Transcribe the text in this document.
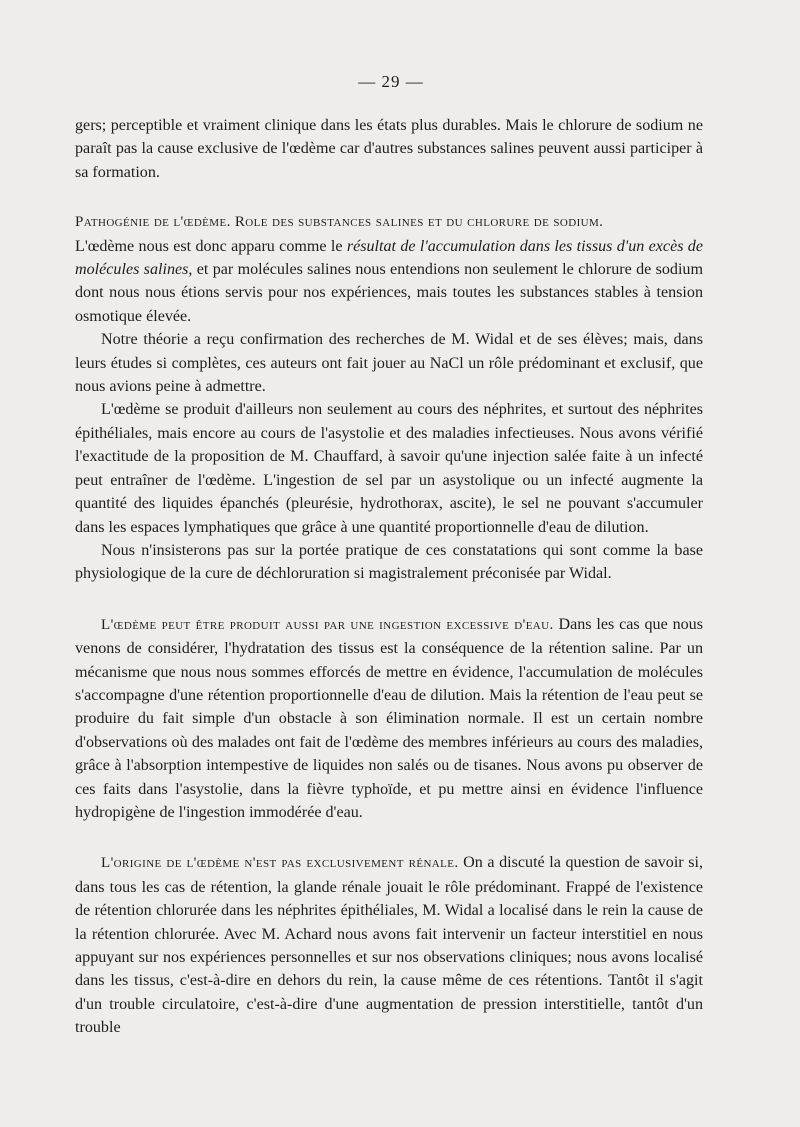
— 29 —

gers; perceptible et vraiment clinique dans les états plus durables. Mais le chlorure de sodium ne paraît pas la cause exclusive de l'œdème car d'autres substances salines peuvent aussi participer à sa formation.

Pathogénie de l'œdème. Role des substances salines et du chlorure de sodium.

L'œdème nous est donc apparu comme le résultat de l'accumulation dans les tissus d'un excès de molécules salines, et par molécules salines nous entendions non seulement le chlorure de sodium dont nous nous étions servis pour nos expériences, mais toutes les substances stables à tension osmotique élevée.

Notre théorie a reçu confirmation des recherches de M. Widal et de ses élèves; mais, dans leurs études si complètes, ces auteurs ont fait jouer au NaCl un rôle prédominant et exclusif, que nous avions peine à admettre.

L'œdème se produit d'ailleurs non seulement au cours des néphrites, et surtout des néphrites épithéliales, mais encore au cours de l'asystolie et des maladies infectieuses. Nous avons vérifié l'exactitude de la proposition de M. Chauffard, à savoir qu'une injection salée faite à un infecté peut entraîner de l'œdème. L'ingestion de sel par un asystolique ou un infecté augmente la quantité des liquides épanchés (pleurésie, hydrothorax, ascite), le sel ne pouvant s'accumuler dans les espaces lymphatiques que grâce à une quantité proportionnelle d'eau de dilution.

Nous n'insisterons pas sur la portée pratique de ces constatations qui sont comme la base physiologique de la cure de déchloruration si magistralement préconisée par Widal.

L'œdème peut être produit aussi par une ingestion excessive d'eau. Dans les cas que nous venons de considérer, l'hydratation des tissus est la conséquence de la rétention saline. Par un mécanisme que nous nous sommes efforcés de mettre en évidence, l'accumulation de molécules s'accompagne d'une rétention proportionnelle d'eau de dilution. Mais la rétention de l'eau peut se produire du fait simple d'un obstacle à son élimination normale. Il est un certain nombre d'observations où des malades ont fait de l'œdème des membres inférieurs au cours des maladies, grâce à l'absorption intempestive de liquides non salés ou de tisanes. Nous avons pu observer de ces faits dans l'asystolie, dans la fièvre typhoïde, et pu mettre ainsi en évidence l'influence hydropigène de l'ingestion immodérée d'eau.

L'origine de l'œdème n'est pas exclusivement rénale. On a discuté la question de savoir si, dans tous les cas de rétention, la glande rénale jouait le rôle prédominant. Frappé de l'existence de rétention chlorurée dans les néphrites épithéliales, M. Widal a localisé dans le rein la cause de la rétention chlorurée. Avec M. Achard nous avons fait intervenir un facteur interstitiel en nous appuyant sur nos expériences personnelles et sur nos observations cliniques; nous avons localisé dans les tissus, c'est-à-dire en dehors du rein, la cause même de ces rétentions. Tantôt il s'agit d'un trouble circulatoire, c'est-à-dire d'une augmentation de pression interstitielle, tantôt d'un trouble
